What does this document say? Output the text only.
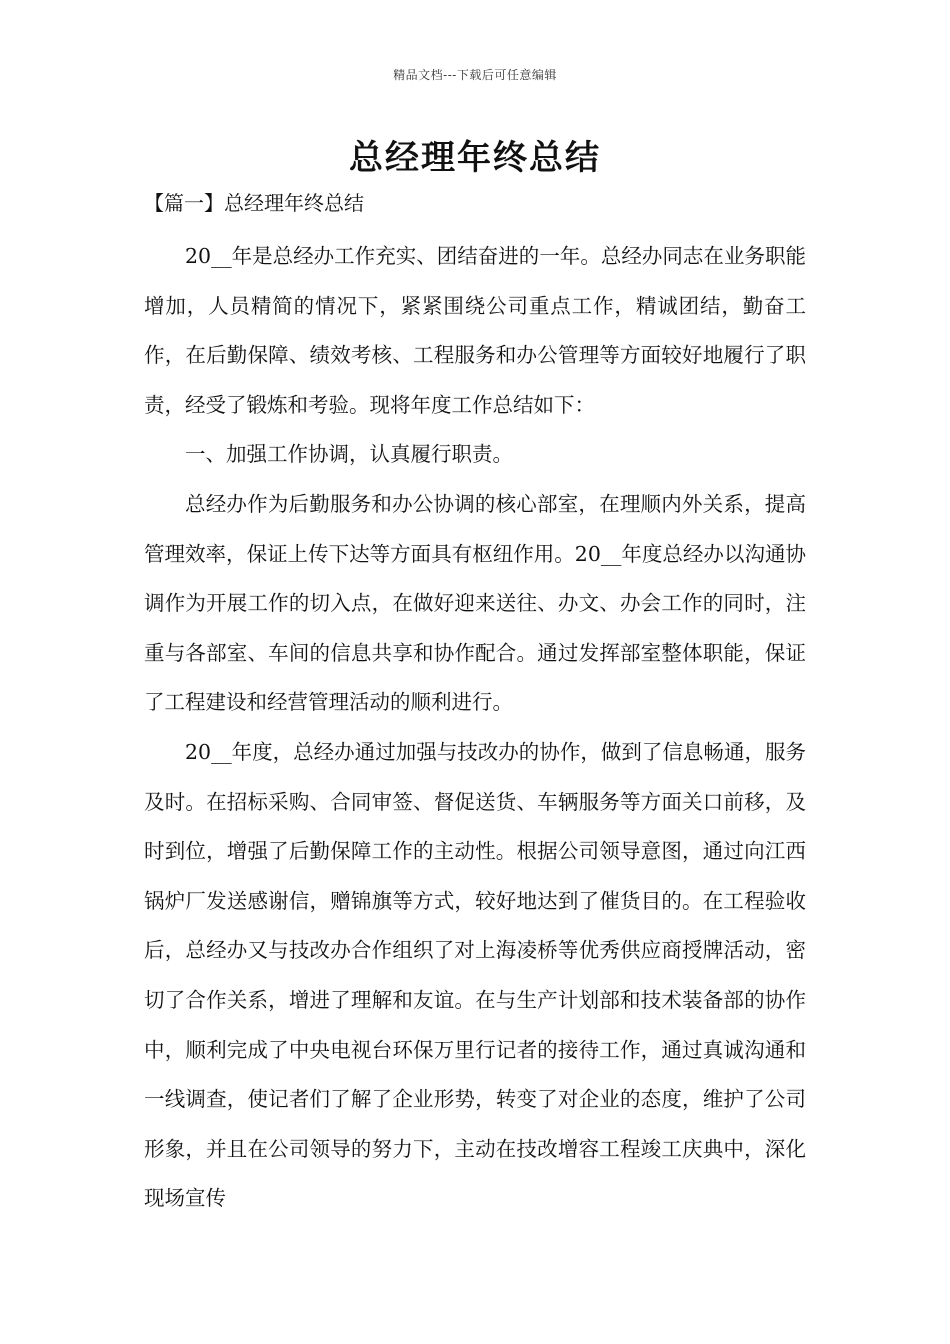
精品文档---下载后可任意编辑
总经理年终总结
【篇一】总经理年终总结

20__年是总经办工作充实、团结奋进的一年。总经办同志在业务职能增加，人员精简的情况下，紧紧围绕公司重点工作，精诚团结，勤奋工作，在后勤保障、绩效考核、工程服务和办公管理等方面较好地履行了职责，经受了锻炼和考验。现将年度工作总结如下：

一、加强工作协调，认真履行职责。

总经办作为后勤服务和办公协调的核心部室，在理顺内外关系，提高管理效率，保证上传下达等方面具有枢纽作用。20__年度总经办以沟通协调作为开展工作的切入点，在做好迎来送往、办文、办会工作的同时，注重与各部室、车间的信息共享和协作配合。通过发挥部室整体职能，保证了工程建设和经营管理活动的顺利进行。

20__年度，总经办通过加强与技改办的协作，做到了信息畅通，服务及时。在招标采购、合同审签、督促送货、车辆服务等方面关口前移，及时到位，增强了后勤保障工作的主动性。根据公司领导意图，通过向江西锅炉厂发送感谢信，赠锦旗等方式，较好地达到了催货目的。在工程验收后，总经办又与技改办合作组织了对上海凌桥等优秀供应商授牌活动，密切了合作关系，增进了理解和友谊。在与生产计划部和技术装备部的协作中，顺利完成了中央电视台环保万里行记者的接待工作，通过真诚沟通和一线调查，使记者们了解了企业形势，转变了对企业的态度，维护了公司形象，并且在公司领导的努力下，主动在技改增容工程竣工庆典中，深化现场宣传
